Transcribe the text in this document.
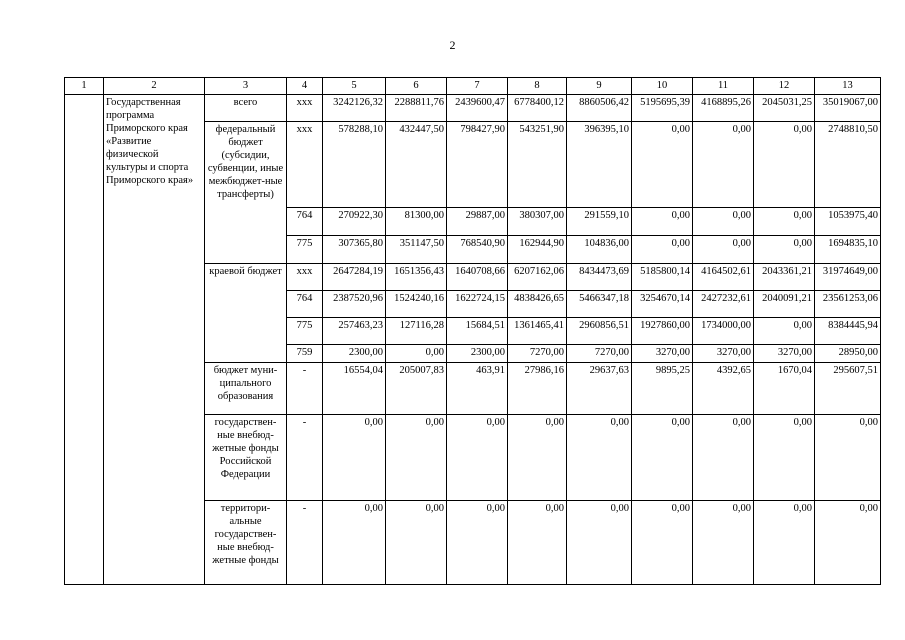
2
1	2	3	4	5	6	7	8	9	10	11	12	13
	Государственная программа Приморского края «Развитие физической культуры и спорта Приморского края»	всего	ххх	3242126,32	2288811,76	2439600,47	6778400,12	8860506,42	5195695,39	4168895,26	2045031,25	35019067,00
		федеральный бюджет (субсидии, субвенции, иные межбюджет-ные трансферты)	ххх	578288,10	432447,50	798427,90	543251,90	396395,10	0,00	0,00	0,00	2748810,50
			764	270922,30	81300,00	29887,00	380307,00	291559,10	0,00	0,00	0,00	1053975,40
			775	307365,80	351147,50	768540,90	162944,90	104836,00	0,00	0,00	0,00	1694835,10
		краевой бюджет	ххх	2647284,19	1651356,43	1640708,66	6207162,06	8434473,69	5185800,14	4164502,61	2043361,21	31974649,00
			764	2387520,96	1524240,16	1622724,15	4838426,65	5466347,18	3254670,14	2427232,61	2040091,21	23561253,06
			775	257463,23	127116,28	15684,51	1361465,41	2960856,51	1927860,00	1734000,00	0,00	8384445,94
			759	2300,00	0,00	2300,00	7270,00	7270,00	3270,00	3270,00	3270,00	28950,00
		бюджет муни-ципального образования	-	16554,04	205007,83	463,91	27986,16	29637,63	9895,25	4392,65	1670,04	295607,51
		государствен-ные внебюд-жетные фонды Российской Федерации	-	0,00	0,00	0,00	0,00	0,00	0,00	0,00	0,00	0,00
		территори-альные государствен-ные внебюд-жетные фонды	-	0,00	0,00	0,00	0,00	0,00	0,00	0,00	0,00	0,00
